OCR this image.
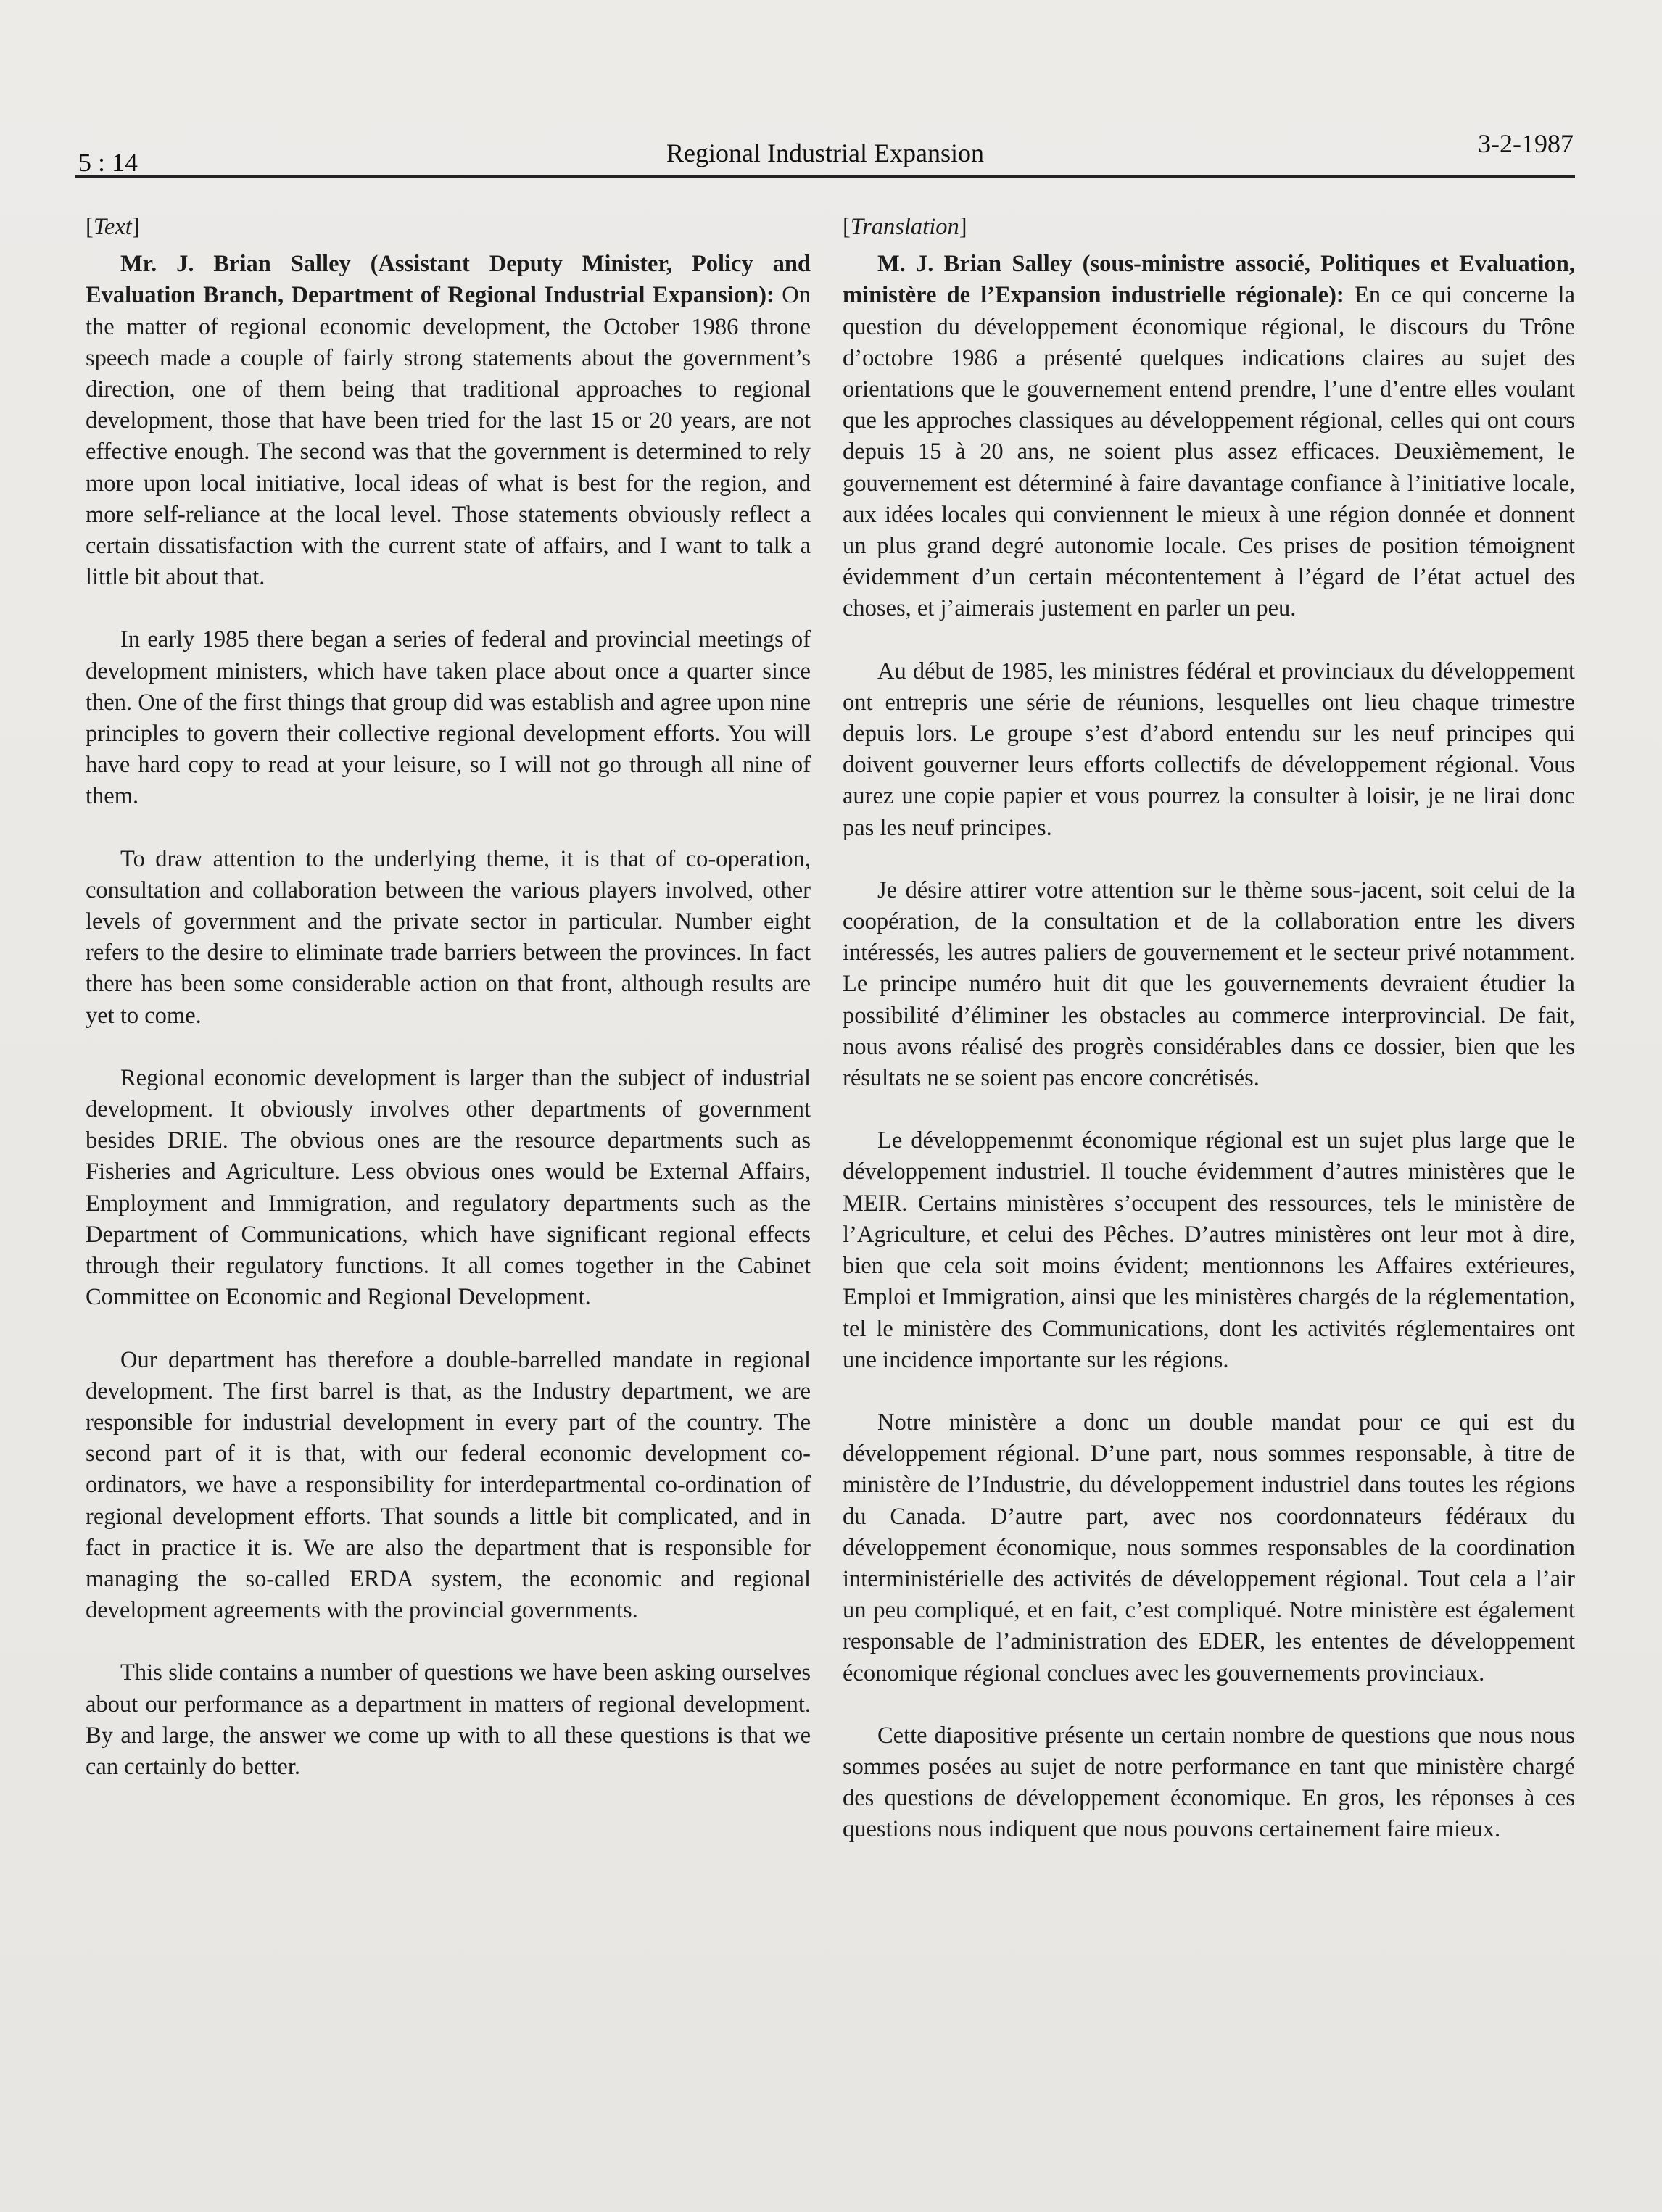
5 : 14	Regional Industrial Expansion	3-2-1987
[Text]

Mr. J. Brian Salley (Assistant Deputy Minister, Policy and Evaluation Branch, Department of Regional Industrial Expansion): On the matter of regional economic development, the October 1986 throne speech made a couple of fairly strong statements about the government’s direction, one of them being that traditional approaches to regional development, those that have been tried for the last 15 or 20 years, are not effective enough. The second was that the government is determined to rely more upon local initiative, local ideas of what is best for the region, and more self-reliance at the local level. Those statements obviously reflect a certain dissatisfaction with the current state of affairs, and I want to talk a little bit about that.

In early 1985 there began a series of federal and provincial meetings of development ministers, which have taken place about once a quarter since then. One of the first things that group did was establish and agree upon nine principles to govern their collective regional development efforts. You will have hard copy to read at your leisure, so I will not go through all nine of them.

To draw attention to the underlying theme, it is that of co-operation, consultation and collaboration between the various players involved, other levels of government and the private sector in particular. Number eight refers to the desire to eliminate trade barriers between the provinces. In fact there has been some considerable action on that front, although results are yet to come.

Regional economic development is larger than the subject of industrial development. It obviously involves other departments of government besides DRIE. The obvious ones are the resource departments such as Fisheries and Agriculture. Less obvious ones would be External Affairs, Employment and Immigration, and regulatory departments such as the Department of Communications, which have significant regional effects through their regulatory functions. It all comes together in the Cabinet Committee on Economic and Regional Development.

Our department has therefore a double-barrelled mandate in regional development. The first barrel is that, as the Industry department, we are responsible for industrial development in every part of the country. The second part of it is that, with our federal economic development co-ordinators, we have a responsibility for interdepartmental co-ordination of regional development efforts. That sounds a little bit complicated, and in fact in practice it is. We are also the department that is responsible for managing the so-called ERDA system, the economic and regional development agreements with the provincial governments.

This slide contains a number of questions we have been asking ourselves about our performance as a department in matters of regional development. By and large, the answer we come up with to all these questions is that we can certainly do better.

[Translation]

M. J. Brian Salley (sous-ministre associé, Politiques et Evaluation, ministère de l’Expansion industrielle régionale): En ce qui concerne la question du développement économique régional, le discours du Trône d’octobre 1986 a présenté quelques indications claires au sujet des orientations que le gouvernement entend prendre, l’une d’entre elles voulant que les approches classiques au développement régional, celles qui ont cours depuis 15 à 20 ans, ne soient plus assez efficaces. Deuxièmement, le gouvernement est déterminé à faire davantage confiance à l’initiative locale, aux idées locales qui conviennent le mieux à une région donnée et donnent un plus grand degré autonomie locale. Ces prises de position témoignent évidemment d’un certain mécontentement à l’égard de l’état actuel des choses, et j’aimerais justement en parler un peu.

Au début de 1985, les ministres fédéral et provinciaux du développement ont entrepris une série de réunions, lesquelles ont lieu chaque trimestre depuis lors. Le groupe s’est d’abord entendu sur les neuf principes qui doivent gouverner leurs efforts collectifs de développement régional. Vous aurez une copie papier et vous pourrez la consulter à loisir, je ne lirai donc pas les neuf principes.

Je désire attirer votre attention sur le thème sous-jacent, soit celui de la coopération, de la consultation et de la collaboration entre les divers intéressés, les autres paliers de gouvernement et le secteur privé notamment. Le principe numéro huit dit que les gouvernements devraient étudier la possibilité d’éliminer les obstacles au commerce interprovincial. De fait, nous avons réalisé des progrès considérables dans ce dossier, bien que les résultats ne se soient pas encore concrétisés.

Le développemenmt économique régional est un sujet plus large que le développement industriel. Il touche évidemment d’autres ministères que le MEIR. Certains ministères s’occupent des ressources, tels le ministère de l’Agriculture, et celui des Pêches. D’autres ministères ont leur mot à dire, bien que cela soit moins évident; mentionnons les Affaires extérieures, Emploi et Immigration, ainsi que les ministères chargés de la réglementation, tel le ministère des Communications, dont les activités réglementaires ont une incidence importante sur les régions.

Notre ministère a donc un double mandat pour ce qui est du développement régional. D’une part, nous sommes responsable, à titre de ministère de l’Industrie, du développement industriel dans toutes les régions du Canada. D’autre part, avec nos coordonnateurs fédéraux du développement économique, nous sommes responsables de la coordination interministérielle des activités de développement régional. Tout cela a l’air un peu compliqué, et en fait, c’est compliqué. Notre ministère est également responsable de l’administration des EDER, les ententes de développement économique régional conclues avec les gouvernements provinciaux.

Cette diapositive présente un certain nombre de questions que nous nous sommes posées au sujet de notre performance en tant que ministère chargé des questions de développement économique. En gros, les réponses à ces questions nous indiquent que nous pouvons certainement faire mieux.
